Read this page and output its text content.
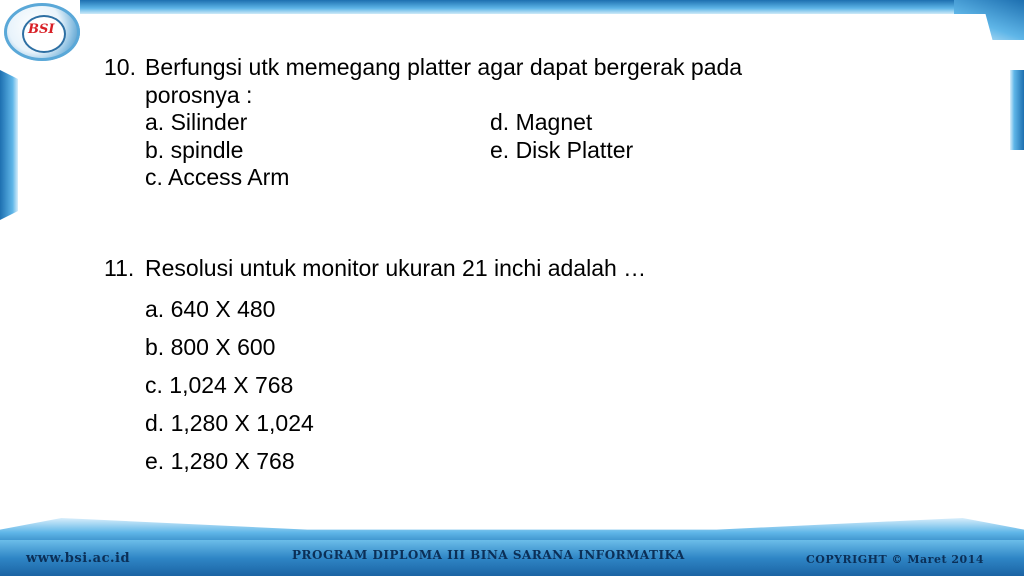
BSI
10. Berfungsi utk memegang platter agar dapat bergerak pada
porosnya :
a. Silinder	d. Magnet
b. spindle	e. Disk Platter
c. Access Arm
11. Resolusi untuk monitor ukuran 21 inchi adalah …
a. 640 X 480
b. 800 X 600
c. 1,024 X 768
d. 1,280 X 1,024
e. 1,280 X 768
www.bsi.ac.id	PROGRAM DIPLOMA III BINA SARANA INFORMATIKA	COPYRIGHT © Maret 2014
